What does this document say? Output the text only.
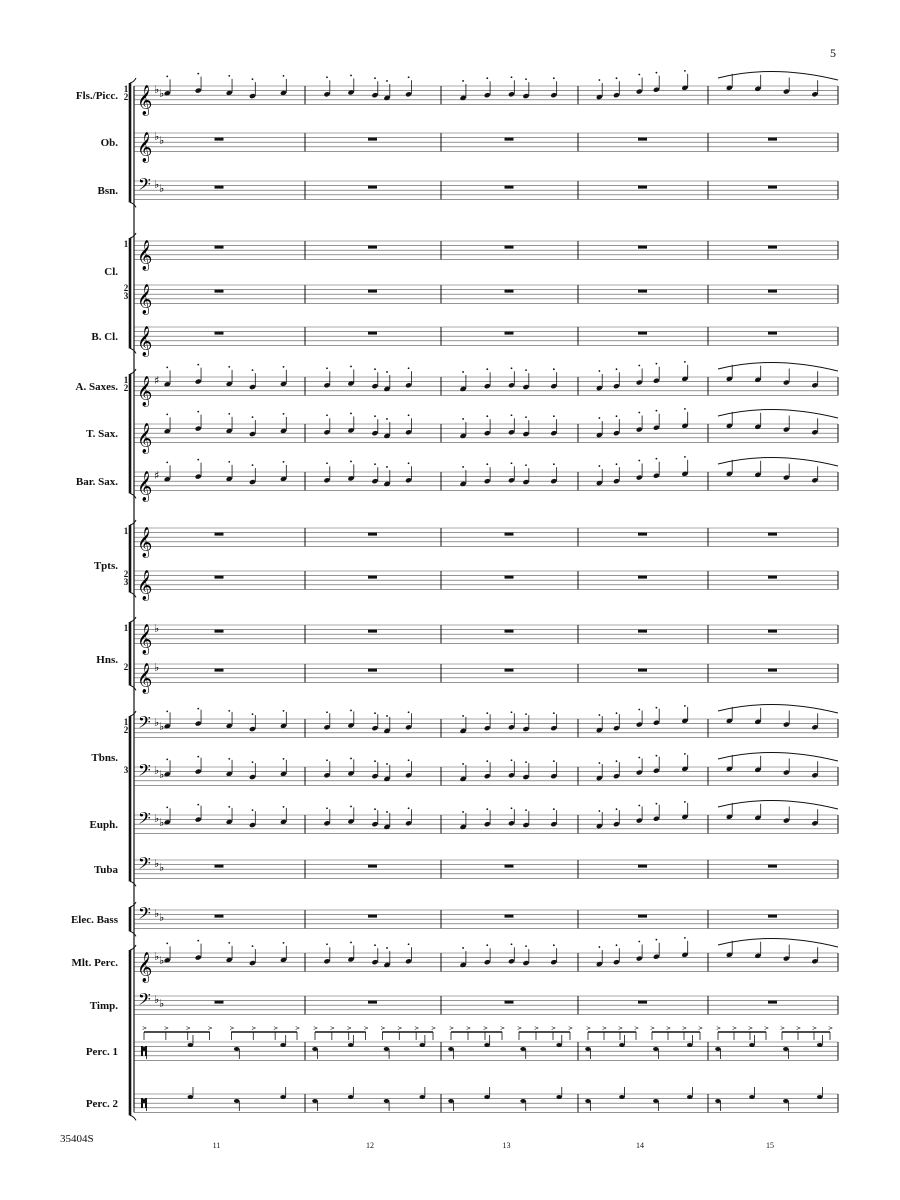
𝄞 ♭ ♭
Fls./Picc.
1
2
𝄞 ♭ ♭
Ob.
𝄢 ♭ ♭
Bsn.
𝄞
1
𝄞
2
3
𝄞
B. Cl.
𝄞 ♯
A. Saxes.
1
2
𝄞
T. Sax.
𝄞 ♯
Bar. Sax.
𝄞
1
𝄞
2
3
𝄞 ♭
1
𝄞 ♭
2
𝄢 ♭ ♭
1
2
𝄢 ♭ ♭
3
𝄢 ♭ ♭
Euph.
𝄢 ♭ ♭
Tuba
𝄢 ♭ ♭
Elec. Bass
𝄞 ♭ ♭
Mlt. Perc.
𝄢 ♭ ♭
Timp.
Perc. 1
>	>	>	>	>	>	>	> > > > > > > > > > > > > > > > > > > > > > > > > > > > > > > > >
Perc. 2
Cl.
Tpts.
Hns.
Tbns.
11	12	13	14	15
5
35404S
